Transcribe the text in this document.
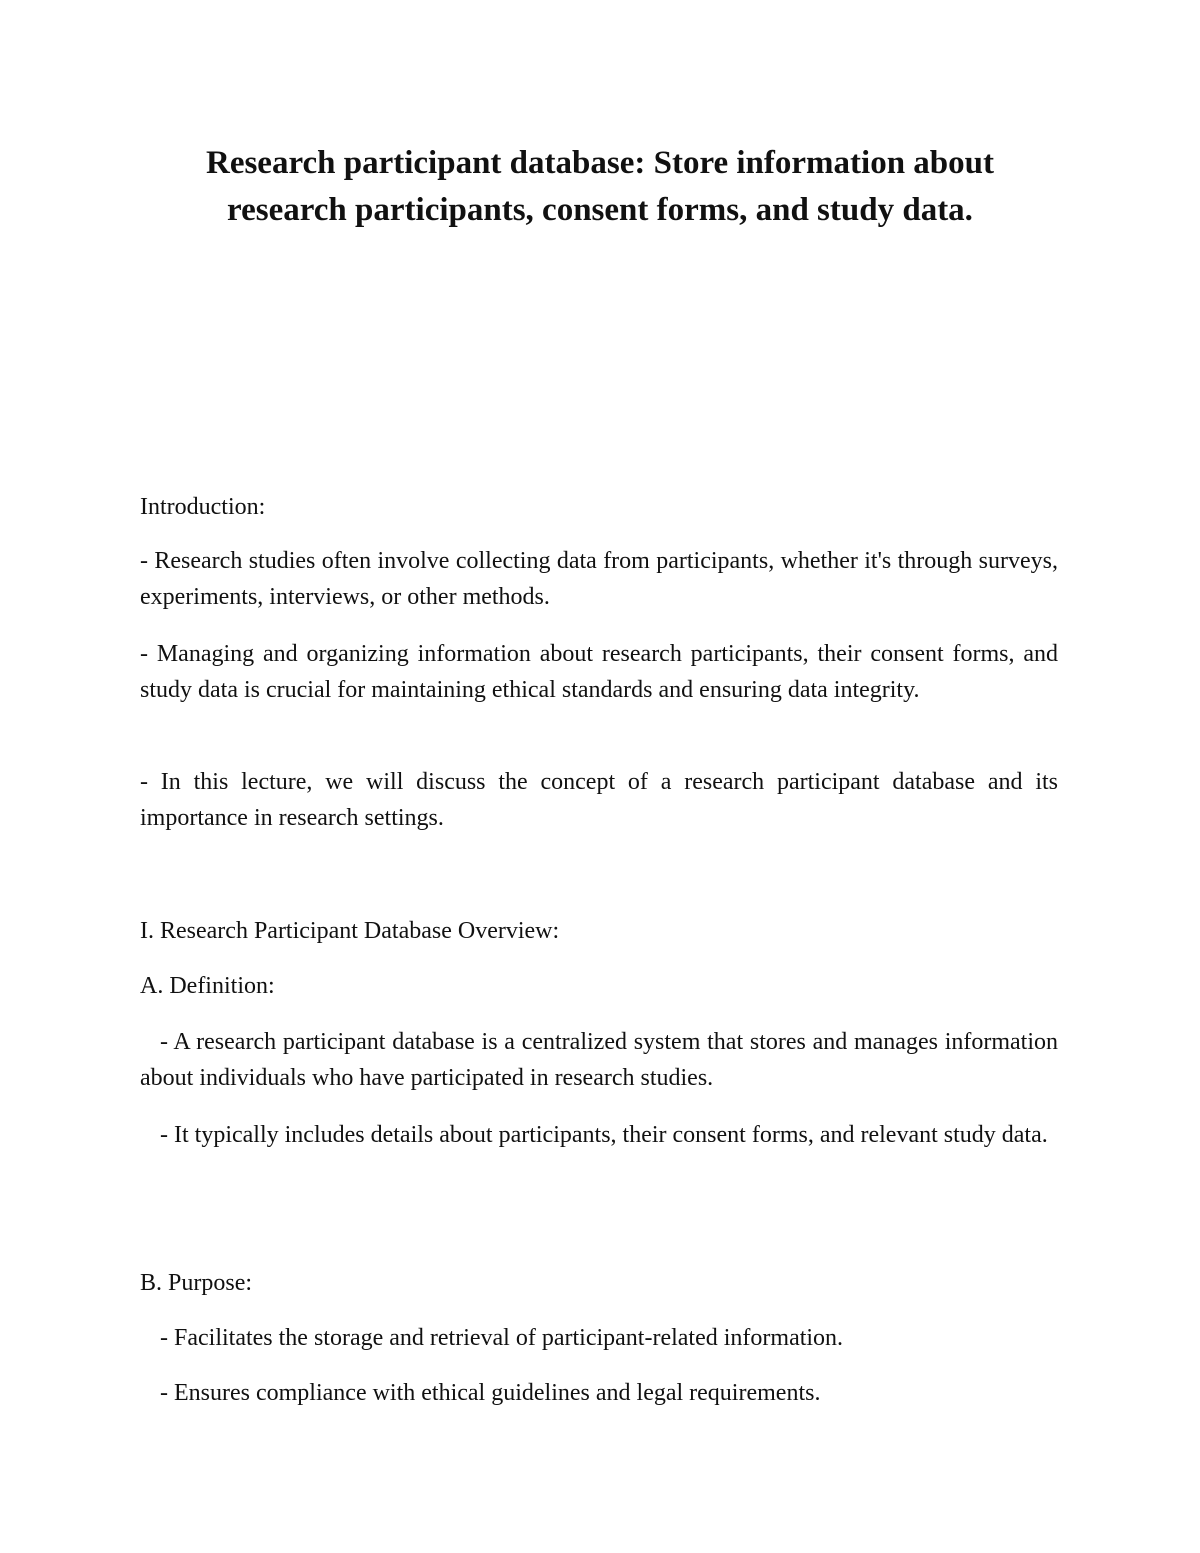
Research participant database: Store information about
research participants, consent forms, and study data.

Introduction:

- Research studies often involve collecting data from participants, whether it's through surveys, experiments, interviews, or other methods.

- Managing and organizing information about research participants, their consent forms, and study data is crucial for maintaining ethical standards and ensuring data integrity.

- In this lecture, we will discuss the concept of a research participant database and its importance in research settings.

I. Research Participant Database Overview:

A. Definition:

- A research participant database is a centralized system that stores and manages information about individuals who have participated in research studies.

- It typically includes details about participants, their consent forms, and relevant study data.

B. Purpose:

- Facilitates the storage and retrieval of participant-related information.

- Ensures compliance with ethical guidelines and legal requirements.
